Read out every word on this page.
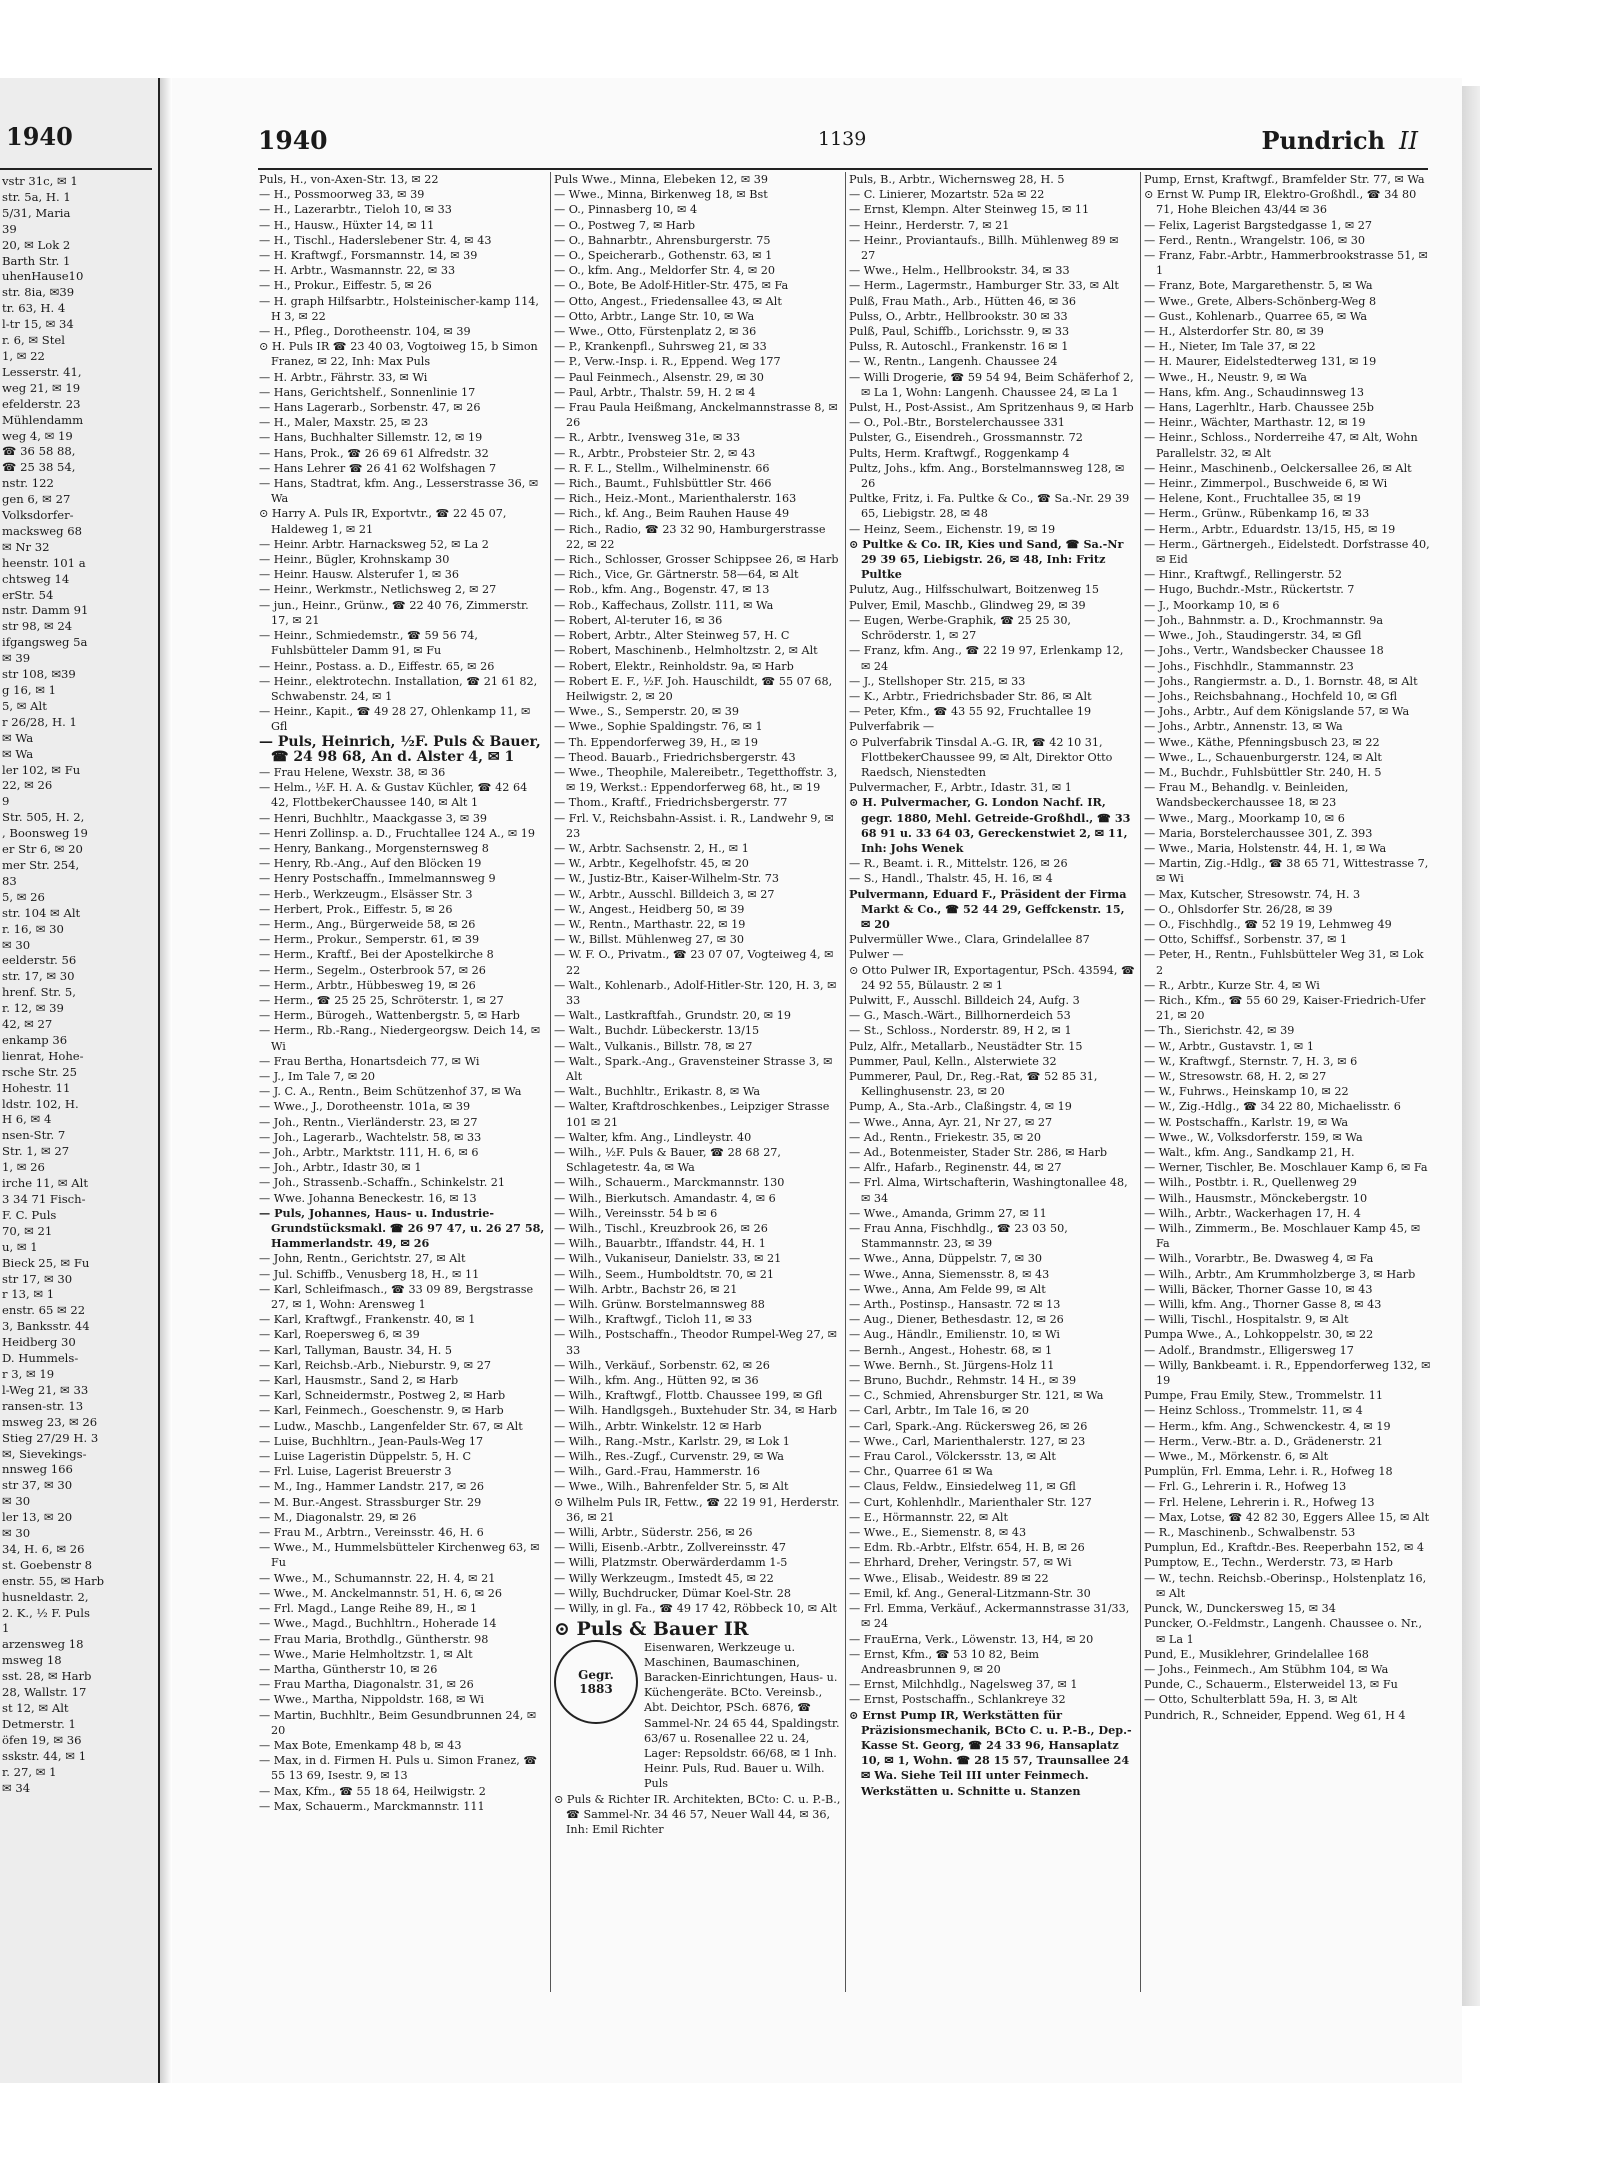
1940
vstr 31c, ✉ 1
str. 5a, H. 1
5/31, Maria
39
20, ✉ Lok 2
Barth Str. 1
uhenHause10
str. 8ia, ✉39
tr. 63, H. 4
l-tr 15, ✉ 34
r. 6, ✉ Stel
1, ✉ 22
Lesserstr. 41,
weg 21, ✉ 19
efelderstr. 23
Mühlendamm
weg 4, ✉ 19
☎ 36 58 88,
☎ 25 38 54,
nstr. 122
gen 6, ✉ 27
Volksdorfer-
macksweg 68
✉ Nr 32
heenstr. 101 a
chtsweg 14
erStr. 54
nstr. Damm 91
str 98, ✉ 24
ifgangsweg 5a
✉ 39
str 108, ✉39
g 16, ✉ 1
5, ✉ Alt
r 26/28, H. 1
✉ Wa
✉ Wa
ler 102, ✉ Fu
22, ✉ 26
9
Str. 505, H. 2,
, Boonsweg 19
er Str 6, ✉ 20
mer Str. 254,
83
5, ✉ 26
str. 104 ✉ Alt
r. 16, ✉ 30
✉ 30
eelderstr. 56
str. 17, ✉ 30
hrenf. Str. 5,
r. 12, ✉ 39
42, ✉ 27
enkamp 36
lienrat, Hohe-
rsche Str. 25
Hohestr. 11
ldstr. 102, H.
H 6, ✉ 4
nsen-Str. 7
Str. 1, ✉ 27
1, ✉ 26
irche 11, ✉ Alt
3 34 71 Fisch-
F. C. Puls
70, ✉ 21
u, ✉ 1
Bieck 25, ✉ Fu
str 17, ✉ 30
r 13, ✉ 1
enstr. 65 ✉ 22
3, Banksstr. 44
Heidberg 30
D. Hummels-
r 3, ✉ 19
l-Weg 21, ✉ 33
ransen-str. 13
msweg 23, ✉ 26
Stieg 27/29 H. 3
✉, Sievekings-
nnsweg 166
str 37, ✉ 30
✉ 30
ler 13, ✉ 20
✉ 30
34, H. 6, ✉ 26
st. Goebenstr 8
enstr. 55, ✉ Harb
husneldastr. 2,
2. K., ½ F. Puls
1
arzensweg 18
msweg 18
sst. 28, ✉ Harb
28, Wallstr. 17
st 12, ✉ Alt
Detmerstr. 1
öfen 19, ✉ 36
sskstr. 44, ✉ 1
r. 27, ✉ 1
✉ 34
1940	1139	Pundrich II

Puls, H., von-Axen-Str. 13, ✉ 22

— H., Possmoorweg 33, ✉ 39

— H., Lazerarbtr., Tieloh 10, ✉ 33

— H., Hausw., Hüxter 14, ✉ 11

— H., Tischl., Haderslebener Str. 4, ✉ 43

— H. Kraftwgf., Forsmannstr. 14, ✉ 39

— H. Arbtr., Wasmannstr. 22, ✉ 33

— H., Prokur., Eiffestr. 5, ✉ 26

— H. graph Hilfsarbtr., Holsteinischer-kamp 114, H 3, ✉ 22

— H., Pfleg., Dorotheenstr. 104, ✉ 39

⊙ H. Puls IR ☎ 23 40 03, Vogtoiweg 15, b Simon Franez, ✉ 22, Inh: Max Puls

— H. Arbtr., Fährstr. 33, ✉ Wi

— Hans, Gerichtshelf., Sonnenlinie 17

— Hans Lagerarb., Sorbenstr. 47, ✉ 26

— H., Maler, Maxstr. 25, ✉ 23

— Hans, Buchhalter Sillemstr. 12, ✉ 19

— Hans, Prok., ☎ 26 69 61 Alfredstr. 32

— Hans Lehrer ☎ 26 41 62 Wolfshagen 7

— Hans, Stadtrat, kfm. Ang., Lesserstrasse 36, ✉ Wa

⊙ Harry A. Puls IR, Exportvtr., ☎ 22 45 07, Haldeweg 1, ✉ 21

— Heinr. Arbtr. Harnacksweg 52, ✉ La 2

— Heinr., Bügler, Krohnskamp 30

— Heinr. Hausw. Alsterufer 1, ✉ 36

— Heinr., Werkmstr., Netlichsweg 2, ✉ 27

— jun., Heinr., Grünw., ☎ 22 40 76, Zimmerstr. 17, ✉ 21

— Heinr., Schmiedemstr., ☎ 59 56 74, Fuhlsbütteler Damm 91, ✉ Fu

— Heinr., Postass. a. D., Eiffestr. 65, ✉ 26

— Heinr., elektrotechn. Installation, ☎ 21 61 82, Schwabenstr. 24, ✉ 1

— Heinr., Kapit., ☎ 49 28 27, Ohlenkamp 11, ✉ Gfl

— Puls, Heinrich, ½F. Puls & Bauer, ☎ 24 98 68, An d. Alster 4, ✉ 1

— Frau Helene, Wexstr. 38, ✉ 36

— Helm., ½F. H. A. & Gustav Küchler, ☎ 42 64 42, FlottbekerChaussee 140, ✉ Alt 1

— Henri, Buchhltr., Maackgasse 3, ✉ 39

— Henri Zollinsp. a. D., Fruchtallee 124 A., ✉ 19

— Henry, Bankang., Morgensternsweg 8

— Henry, Rb.-Ang., Auf den Blöcken 19

— Henry Postschaffn., Immelmannsweg 9

— Herb., Werkzeugm., Elsässer Str. 3

— Herbert, Prok., Eiffestr. 5, ✉ 26

— Herm., Ang., Bürgerweide 58, ✉ 26

— Herm., Prokur., Semperstr. 61, ✉ 39

— Herm., Kraftf., Bei der Apostelkirche 8

— Herm., Segelm., Osterbrook 57, ✉ 26

— Herm., Arbtr., Hübbesweg 19, ✉ 26

— Herm., ☎ 25 25 25, Schröterstr. 1, ✉ 27

— Herm., Bürogeh., Wattenbergstr. 5, ✉ Harb

— Herm., Rb.-Rang., Niedergeorgsw. Deich 14, ✉ Wi

— Frau Bertha, Honartsdeich 77, ✉ Wi

— J., Im Tale 7, ✉ 20

— J. C. A., Rentn., Beim Schützenhof 37, ✉ Wa

— Wwe., J., Dorotheenstr. 101a, ✉ 39

— Joh., Rentn., Vierländerstr. 23, ✉ 27

— Joh., Lagerarb., Wachtelstr. 58, ✉ 33

— Joh., Arbtr., Marktstr. 111, H. 6, ✉ 6

— Joh., Arbtr., Idastr 30, ✉ 1

— Joh., Strassenb.-Schaffn., Schinkelstr. 21

— Wwe. Johanna Beneckestr. 16, ✉ 13

— Puls, Johannes, Haus- u. Industrie-Grundstücksmakl. ☎ 26 97 47, u. 26 27 58, Hammerlandstr. 49, ✉ 26

— John, Rentn., Gerichtstr. 27, ✉ Alt

— Jul. Schiffb., Venusberg 18, H., ✉ 11

— Karl, Schleifmasch., ☎ 33 09 89, Bergstrasse 27, ✉ 1, Wohn: Arensweg 1

— Karl, Kraftwgf., Frankenstr. 40, ✉ 1

— Karl, Roepersweg 6, ✉ 39

— Karl, Tallyman, Baustr. 34, H. 5

— Karl, Reichsb.-Arb., Nieburstr. 9, ✉ 27

— Karl, Hausmstr., Sand 2, ✉ Harb

— Karl, Schneidermstr., Postweg 2, ✉ Harb

— Karl, Feinmech., Goeschenstr. 9, ✉ Harb

— Ludw., Maschb., Langenfelder Str. 67, ✉ Alt

— Luise, Buchhltrn., Jean-Pauls-Weg 17

— Luise Lageristin Düppelstr. 5, H. C

— Frl. Luise, Lagerist Breuerstr 3

— M., Ing., Hammer Landstr. 217, ✉ 26

— M. Bur.-Angest. Strassburger Str. 29

— M., Diagonalstr. 29, ✉ 26

— Frau M., Arbtrn., Vereinsstr. 46, H. 6

— Wwe., M., Hummelsbütteler Kirchenweg 63, ✉ Fu

— Wwe., M., Schumannstr. 22, H. 4, ✉ 21

— Wwe., M. Anckelmannstr. 51, H. 6, ✉ 26

— Frl. Magd., Lange Reihe 89, H., ✉ 1

— Wwe., Magd., Buchhltrn., Hoherade 14

— Frau Maria, Brothdlg., Güntherstr. 98

— Wwe., Marie Helmholtzstr. 1, ✉ Alt

— Martha, Güntherstr 10, ✉ 26

— Frau Martha, Diagonalstr. 31, ✉ 26

— Wwe., Martha, Nippoldstr. 168, ✉ Wi

— Martin, Buchhltr., Beim Gesundbrunnen 24, ✉ 20

— Max Bote, Emenkamp 48 b, ✉ 43

— Max, in d. Firmen H. Puls u. Simon Franez, ☎ 55 13 69, Isestr. 9, ✉ 13

— Max, Kfm., ☎ 55 18 64, Heilwigstr. 2

— Max, Schauerm., Marckmannstr. 111

Puls Wwe., Minna, Elebeken 12, ✉ 39

— Wwe., Minna, Birkenweg 18, ✉ Bst

— O., Pinnasberg 10, ✉ 4

— O., Postweg 7, ✉ Harb

— O., Bahnarbtr., Ahrensburgerstr. 75

— O., Speicherarb., Gothenstr. 63, ✉ 1

— O., kfm. Ang., Meldorfer Str. 4, ✉ 20

— O., Bote, Be Adolf-Hitler-Str. 475, ✉ Fa

— Otto, Angest., Friedensallee 43, ✉ Alt

— Otto, Arbtr., Lange Str. 10, ✉ Wa

— Wwe., Otto, Fürstenplatz 2, ✉ 36

— P., Krankenpfl., Suhrsweg 21, ✉ 33

— P., Verw.-Insp. i. R., Eppend. Weg 177

— Paul Feinmech., Alsenstr. 29, ✉ 30

— Paul, Arbtr., Thalstr. 59, H. 2 ✉ 4

— Frau Paula Heißmang, Anckelmannstrasse 8, ✉ 26

— R., Arbtr., Ivensweg 31e, ✉ 33

— R., Arbtr., Probsteier Str. 2, ✉ 43

— R. F. L., Stellm., Wilhelminenstr. 66

— Rich., Baumt., Fuhlsbüttler Str. 466

— Rich., Heiz.-Mont., Marienthalerstr. 163

— Rich., kf. Ang., Beim Rauhen Hause 49

— Rich., Radio, ☎ 23 32 90, Hamburgerstrasse 22, ✉ 22

— Rich., Schlosser, Grosser Schippsee 26, ✉ Harb

— Rich., Vice, Gr. Gärtnerstr. 58—64, ✉ Alt

— Rob., kfm. Ang., Bogenstr. 47, ✉ 13

— Rob., Kaffechaus, Zollstr. 111, ✉ Wa

— Robert, Al-teruter 16, ✉ 36

— Robert, Arbtr., Alter Steinweg 57, H. C

— Robert, Maschinenb., Helmholtzstr. 2, ✉ Alt

— Robert, Elektr., Reinholdstr. 9a, ✉ Harb

— Robert E. F., ½F. Joh. Hauschildt, ☎ 55 07 68, Heilwigstr. 2, ✉ 20

— Wwe., S., Semperstr. 20, ✉ 39

— Wwe., Sophie Spaldingstr. 76, ✉ 1

— Th. Eppendorferweg 39, H., ✉ 19

— Theod. Bauarb., Friedrichsbergerstr. 43

— Wwe., Theophile, Malereibetr., Tegetthoffstr. 3, ✉ 19, Werkst.: Eppendorferweg 68, ht., ✉ 19

— Thom., Kraftf., Friedrichsbergerstr. 77

— Frl. V., Reichsbahn-Assist. i. R., Landwehr 9, ✉ 23

— W., Arbtr. Sachsenstr. 2, H., ✉ 1

— W., Arbtr., Kegelhofstr. 45, ✉ 20

— W., Justiz-Btr., Kaiser-Wilhelm-Str. 73

— W., Arbtr., Ausschl. Billdeich 3, ✉ 27

— W., Angest., Heidberg 50, ✉ 39

— W., Rentn., Marthastr. 22, ✉ 19

— W., Billst. Mühlenweg 27, ✉ 30

— W. F. O., Privatm., ☎ 23 07 07, Vogteiweg 4, ✉ 22

— Walt., Kohlenarb., Adolf-Hitler-Str. 120, H. 3, ✉ 33

— Walt., Lastkraftfah., Grundstr. 20, ✉ 19

— Walt., Buchdr. Lübeckerstr. 13/15

— Walt., Vulkanis., Billstr. 78, ✉ 27

— Walt., Spark.-Ang., Gravensteiner Strasse 3, ✉ Alt

— Walt., Buchhltr., Erikastr. 8, ✉ Wa

— Walter, Kraftdroschkenbes., Leipziger Strasse 101 ✉ 21

— Walter, kfm. Ang., Lindleystr. 40

— Wilh., ½F. Puls & Bauer, ☎ 28 68 27, Schlagetestr. 4a, ✉ Wa

— Wilh., Schauerm., Marckmannstr. 130

— Wilh., Bierkutsch. Amandastr. 4, ✉ 6

— Wilh., Vereinsstr. 54 b ✉ 6

— Wilh., Tischl., Kreuzbrook 26, ✉ 26

— Wilh., Bauarbtr., Iffandstr. 44, H. 1

— Wilh., Vukaniseur, Danielstr. 33, ✉ 21

— Wilh., Seem., Humboldtstr. 70, ✉ 21

— Wilh. Arbtr., Bachstr 26, ✉ 21

— Wilh. Grünw. Borstelmannsweg 88

— Wilh., Kraftwgf., Ticloh 11, ✉ 33

— Wilh., Postschaffn., Theodor Rumpel-Weg 27, ✉ 33

— Wilh., Verkäuf., Sorbenstr. 62, ✉ 26

— Wilh., kfm. Ang., Hütten 92, ✉ 36

— Wilh., Kraftwgf., Flottb. Chaussee 199, ✉ Gfl

— Wilh. Handlgsgeh., Buxtehuder Str. 34, ✉ Harb

— Wilh., Arbtr. Winkelstr. 12 ✉ Harb

— Wilh., Rang.-Mstr., Karlstr. 29, ✉ Lok 1

— Wilh., Res.-Zugf., Curvenstr. 29, ✉ Wa

— Wilh., Gard.-Frau, Hammerstr. 16

— Wwe., Wilh., Bahrenfelder Str. 5, ✉ Alt

⊙ Wilhelm Puls IR, Fettw., ☎ 22 19 91, Herderstr. 36, ✉ 21

— Willi, Arbtr., Süderstr. 256, ✉ 26

— Willi, Eisenb.-Arbtr., Zollvereinsstr. 47

— Willi, Platzmstr. Oberwärderdamm 1-5

— Willy Werkzeugm., Imstedt 45, ✉ 22

— Willy, Buchdrucker, Dümar Koel-Str. 28

— Willy, in gl. Fa., ☎ 49 17 42, Röbbeck 10, ✉ Alt

⊙ Puls & Bauer IR
Gegr.
1883
Eisenwaren, Werkzeuge u. Maschinen, Baumaschinen, Baracken-Einrichtungen, Haus- u. Küchengeräte. BCto. Vereinsb., Abt. Deichtor, PSch. 6876, ☎ Sammel-Nr. 24 65 44, Spaldingstr. 63/67 u. Rosenallee 22 u. 24, Lager: Repsoldstr. 66/68, ✉ 1 Inh. Heinr. Puls, Rud. Bauer u. Wilh. Puls

⊙ Puls & Richter IR. Architekten, BCto: C. u. P.-B., ☎ Sammel-Nr. 34 46 57, Neuer Wall 44, ✉ 36, Inh: Emil Richter

Puls, B., Arbtr., Wichernsweg 28, H. 5

— C. Linierer, Mozartstr. 52a ✉ 22

— Ernst, Klempn. Alter Steinweg 15, ✉ 11

— Heinr., Herderstr. 7, ✉ 21

— Heinr., Proviantaufs., Billh. Mühlenweg 89 ✉ 27

— Wwe., Helm., Hellbrookstr. 34, ✉ 33

— Herm., Lagermstr., Hamburger Str. 33, ✉ Alt

Pulß, Frau Math., Arb., Hütten 46, ✉ 36

Pulss, O., Arbtr., Hellbrookstr. 30 ✉ 33

Pulß, Paul, Schiffb., Lorichsstr. 9, ✉ 33

Pulss, R. Autoschl., Frankenstr. 16 ✉ 1

— W., Rentn., Langenh. Chaussee 24

— Willi Drogerie, ☎ 59 54 94, Beim Schäferhof 2, ✉ La 1, Wohn: Langenh. Chaussee 24, ✉ La 1

Pulst, H., Post-Assist., Am Spritzenhaus 9, ✉ Harb

— O., Pol.-Btr., Borstelerchaussee 331

Pulster, G., Eisendreh., Grossmannstr. 72

Pults, Herm. Kraftwgf., Roggenkamp 4

Pultz, Johs., kfm. Ang., Borstelmannsweg 128, ✉ 26

Pultke, Fritz, i. Fa. Pultke & Co., ☎ Sa.-Nr. 29 39 65, Liebigstr. 28, ✉ 48

— Heinz, Seem., Eichenstr. 19, ✉ 19

⊙ Pultke & Co. IR, Kies und Sand, ☎ Sa.-Nr 29 39 65, Liebigstr. 26, ✉ 48, Inh: Fritz Pultke

Pulutz, Aug., Hilfsschulwart, Boitzenweg 15

Pulver, Emil, Maschb., Glindweg 29, ✉ 39

— Eugen, Werbe-Graphik, ☎ 25 25 30, Schröderstr. 1, ✉ 27

— Franz, kfm. Ang., ☎ 22 19 97, Erlenkamp 12, ✉ 24

— J., Stellshoper Str. 215, ✉ 33

— K., Arbtr., Friedrichsbader Str. 86, ✉ Alt

— Peter, Kfm., ☎ 43 55 92, Fruchtallee 19

Pulverfabrik —

⊙ Pulverfabrik Tinsdal A.-G. IR, ☎ 42 10 31, FlottbekerChaussee 99, ✉ Alt, Direktor Otto Raedsch, Nienstedten

Pulvermacher, F., Arbtr., Idastr. 31, ✉ 1

⊙ H. Pulvermacher, G. London Nachf. IR, gegr. 1880, Mehl. Getreide-Großhdl., ☎ 33 68 91 u. 33 64 03, Gereckenstwiet 2, ✉ 11, Inh: Johs Wenek

— R., Beamt. i. R., Mittelstr. 126, ✉ 26

— S., Handl., Thalstr. 45, H. 16, ✉ 4

Pulvermann, Eduard F., Präsident der Firma Markt & Co., ☎ 52 44 29, Geffckenstr. 15, ✉ 20

Pulvermüller Wwe., Clara, Grindelallee 87

Pulwer —

⊙ Otto Pulwer IR, Exportagentur, PSch. 43594, ☎ 24 92 55, Bülaustr. 2 ✉ 1

Pulwitt, F., Ausschl. Billdeich 24, Aufg. 3

— G., Masch.-Wärt., Billhornerdeich 53

— St., Schloss., Norderstr. 89, H 2, ✉ 1

Pulz, Alfr., Metallarb., Neustädter Str. 15

Pummer, Paul, Kelln., Alsterwiete 32

Pummerer, Paul, Dr., Reg.-Rat, ☎ 52 85 31, Kellinghusenstr. 23, ✉ 20

Pump, A., Sta.-Arb., Claßingstr. 4, ✉ 19

— Wwe., Anna, Ayr. 21, Nr 27, ✉ 27

— Ad., Rentn., Friekestr. 35, ✉ 20

— Ad., Botenmeister, Stader Str. 286, ✉ Harb

— Alfr., Hafarb., Reginenstr. 44, ✉ 27

— Frl. Alma, Wirtschafterin, Washingtonallee 48, ✉ 34

— Wwe., Amanda, Grimm 27, ✉ 11

— Frau Anna, Fischhdlg., ☎ 23 03 50, Stammannstr. 23, ✉ 39

— Wwe., Anna, Düppelstr. 7, ✉ 30

— Wwe., Anna, Siemensstr. 8, ✉ 43

— Wwe., Anna, Am Felde 99, ✉ Alt

— Arth., Postinsp., Hansastr. 72 ✉ 13

— Aug., Diener, Bethesdastr. 12, ✉ 26

— Aug., Händlr., Emilienstr. 10, ✉ Wi

— Bernh., Angest., Hohestr. 68, ✉ 1

— Wwe. Bernh., St. Jürgens-Holz 11

— Bruno, Buchdr., Rehmstr. 14 H., ✉ 39

— C., Schmied, Ahrensburger Str. 121, ✉ Wa

— Carl, Arbtr., Im Tale 16, ✉ 20

— Carl, Spark.-Ang. Rückersweg 26, ✉ 26

— Wwe., Carl, Marienthalerstr. 127, ✉ 23

— Frau Carol., Völckersstr. 13, ✉ Alt

— Chr., Quarree 61 ✉ Wa

— Claus, Feldw., Einsiedelweg 11, ✉ Gfl

— Curt, Kohlenhdlr., Marienthaler Str. 127

— E., Hörmannstr. 22, ✉ Alt

— Wwe., E., Siemenstr. 8, ✉ 43

— Edm. Rb.-Arbtr., Elfstr. 654, H. B, ✉ 26

— Ehrhard, Dreher, Veringstr. 57, ✉ Wi

— Wwe., Elisab., Weidestr. 89 ✉ 22

— Emil, kf. Ang., General-Litzmann-Str. 30

— Frl. Emma, Verkäuf., Ackermannstrasse 31/33, ✉ 24

— FrauErna, Verk., Löwenstr. 13, H4, ✉ 20

— Ernst, Kfm., ☎ 53 10 82, Beim Andreasbrunnen 9, ✉ 20

— Ernst, Milchhdlg., Nagelsweg 37, ✉ 1

— Ernst, Postschaffn., Schlankreye 32

⊙ Ernst Pump IR, Werkstätten für Präzisionsmechanik, BCto C. u. P.-B., Dep.-Kasse St. Georg, ☎ 24 33 96, Hansaplatz 10, ✉ 1, Wohn. ☎ 28 15 57, Traunsallee 24 ✉ Wa. Siehe Teil III unter Feinmech. Werkstätten u. Schnitte u. Stanzen

Pump, Ernst, Kraftwgf., Bramfelder Str. 77, ✉ Wa

⊙ Ernst W. Pump IR, Elektro-Großhdl., ☎ 34 80 71, Hohe Bleichen 43/44 ✉ 36

— Felix, Lagerist Bargstedgasse 1, ✉ 27

— Ferd., Rentn., Wrangelstr. 106, ✉ 30

— Franz, Fabr.-Arbtr., Hammerbrookstrasse 51, ✉ 1

— Franz, Bote, Margarethenstr. 5, ✉ Wa

— Wwe., Grete, Albers-Schönberg-Weg 8

— Gust., Kohlenarb., Quarree 65, ✉ Wa

— H., Alsterdorfer Str. 80, ✉ 39

— H., Nieter, Im Tale 37, ✉ 22

— H. Maurer, Eidelstedterweg 131, ✉ 19

— Wwe., H., Neustr. 9, ✉ Wa

— Hans, kfm. Ang., Schaudinnsweg 13

— Hans, Lagerhltr., Harb. Chaussee 25b

— Heinr., Wächter, Marthastr. 12, ✉ 19

— Heinr., Schloss., Norderreihe 47, ✉ Alt, Wohn Parallelstr. 32, ✉ Alt

— Heinr., Maschinenb., Oelckersallee 26, ✉ Alt

— Heinr., Zimmerpol., Buschweide 6, ✉ Wi

— Helene, Kont., Fruchtallee 35, ✉ 19

— Herm., Grünw., Rübenkamp 16, ✉ 33

— Herm., Arbtr., Eduardstr. 13/15, H5, ✉ 19

— Herm., Gärtnergeh., Eidelstedt. Dorfstrasse 40, ✉ Eid

— Hinr., Kraftwgf., Rellingerstr. 52

— Hugo, Buchdr.-Mstr., Rückertstr. 7

— J., Moorkamp 10, ✉ 6

— Joh., Bahnmstr. a. D., Krochmannstr. 9a

— Wwe., Joh., Staudingerstr. 34, ✉ Gfl

— Johs., Vertr., Wandsbecker Chaussee 18

— Johs., Fischhdlr., Stammannstr. 23

— Johs., Rangiermstr. a. D., 1. Bornstr. 48, ✉ Alt

— Johs., Reichsbahnang., Hochfeld 10, ✉ Gfl

— Johs., Arbtr., Auf dem Königslande 57, ✉ Wa

— Johs., Arbtr., Annenstr. 13, ✉ Wa

— Wwe., Käthe, Pfenningsbusch 23, ✉ 22

— Wwe., L., Schauenburgerstr. 124, ✉ Alt

— M., Buchdr., Fuhlsbüttler Str. 240, H. 5

— Frau M., Behandlg. v. Beinleiden, Wandsbeckerchaussee 18, ✉ 23

— Wwe., Marg., Moorkamp 10, ✉ 6

— Maria, Borstelerchaussee 301, Z. 393

— Wwe., Maria, Holstenstr. 44, H. 1, ✉ Wa

— Martin, Zig.-Hdlg., ☎ 38 65 71, Wittestrasse 7, ✉ Wi

— Max, Kutscher, Stresowstr. 74, H. 3

— O., Ohlsdorfer Str. 26/28, ✉ 39

— O., Fischhdlg., ☎ 52 19 19, Lehmweg 49

— Otto, Schiffsf., Sorbenstr. 37, ✉ 1

— Peter, H., Rentn., Fuhlsbütteler Weg 31, ✉ Lok 2

— R., Arbtr., Kurze Str. 4, ✉ Wi

— Rich., Kfm., ☎ 55 60 29, Kaiser-Friedrich-Ufer 21, ✉ 20

— Th., Sierichstr. 42, ✉ 39

— W., Arbtr., Gustavstr. 1, ✉ 1

— W., Kraftwgf., Sternstr. 7, H. 3, ✉ 6

— W., Stresowstr. 68, H. 2, ✉ 27

— W., Fuhrws., Heinskamp 10, ✉ 22

— W., Zig.-Hdlg., ☎ 34 22 80, Michaelisstr. 6

— W. Postschaffn., Karlstr. 19, ✉ Wa

— Wwe., W., Volksdorferstr. 159, ✉ Wa

— Walt., kfm. Ang., Sandkamp 21, H.

— Werner, Tischler, Be. Moschlauer Kamp 6, ✉ Fa

— Wilh., Postbtr. i. R., Quellenweg 29

— Wilh., Hausmstr., Mönckebergstr. 10

— Wilh., Arbtr., Wackerhagen 17, H. 4

— Wilh., Zimmerm., Be. Moschlauer Kamp 45, ✉ Fa

— Wilh., Vorarbtr., Be. Dwasweg 4, ✉ Fa

— Wilh., Arbtr., Am Krummholzberge 3, ✉ Harb

— Willi, Bäcker, Thorner Gasse 10, ✉ 43

— Willi, kfm. Ang., Thorner Gasse 8, ✉ 43

— Willi, Tischl., Hospitalstr. 9, ✉ Alt

Pumpa Wwe., A., Lohkoppelstr. 30, ✉ 22

— Adolf., Brandmstr., Elligersweg 17

— Willy, Bankbeamt. i. R., Eppendorferweg 132, ✉ 19

Pumpe, Frau Emily, Stew., Trommelstr. 11

— Heinz Schloss., Trommelstr. 11, ✉ 4

— Herm., kfm. Ang., Schwenckestr. 4, ✉ 19

— Herm., Verw.-Btr. a. D., Grädenerstr. 21

— Wwe., M., Mörkenstr. 6, ✉ Alt

Pumplün, Frl. Emma, Lehr. i. R., Hofweg 18

— Frl. G., Lehrerin i. R., Hofweg 13

— Frl. Helene, Lehrerin i. R., Hofweg 13

— Max, Lotse, ☎ 42 82 30, Eggers Allee 15, ✉ Alt

— R., Maschinenb., Schwalbenstr. 53

Pumplun, Ed., Kraftdr.-Bes. Reeperbahn 152, ✉ 4

Pumptow, E., Techn., Werderstr. 73, ✉ Harb

— W., techn. Reichsb.-Oberinsp., Holstenplatz 16, ✉ Alt

Punck, W., Dunckersweg 15, ✉ 34

Puncker, O.-Feldmstr., Langenh. Chaussee o. Nr., ✉ La 1

Pund, E., Musiklehrer, Grindelallee 168

— Johs., Feinmech., Am Stübhm 104, ✉ Wa

Punde, C., Schauerm., Elsterweidel 13, ✉ Fu

— Otto, Schulterblatt 59a, H. 3, ✉ Alt

Pundrich, R., Schneider, Eppend. Weg 61, H 4
